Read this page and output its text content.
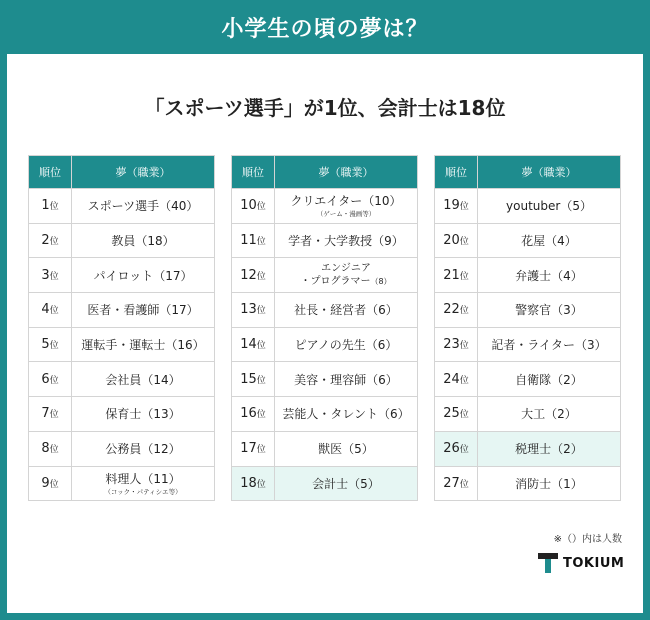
小学生の頃の夢は？
「スポーツ選手」が1位、会計士は18位
順位	夢（職業）
1位	スポーツ選手（40）
2位	教員（18）
3位	パイロット（17）
4位	医者・看護師（17）
5位	運転手・運転士（16）
6位	会社員（14）
7位	保育士（13）
8位	公務員（12）
9位	料理人（11）
（コック・パティシエ等）
順位	夢（職業）
10位	クリエイター（10）
（ゲーム・漫画等）

11位	学者・大学教授（9）
12位	エンジニア
・プログラマー（8）

13位	社長・経営者（6）
14位	ピアノの先生（6）
15位	美容・理容師（6）
16位	芸能人・タレント（6）
17位	獣医（5）
18位	会計士（5）
順位	夢（職業）
19位	youtuber（5）
20位	花屋（4）
21位	弁護士（4）
22位	警察官（3）
23位	記者・ライター（3）
24位	自衛隊（2）
25位	大工（2）
26位	税理士（2）
27位	消防士（1）
※（）内は人数
TOKIUM
